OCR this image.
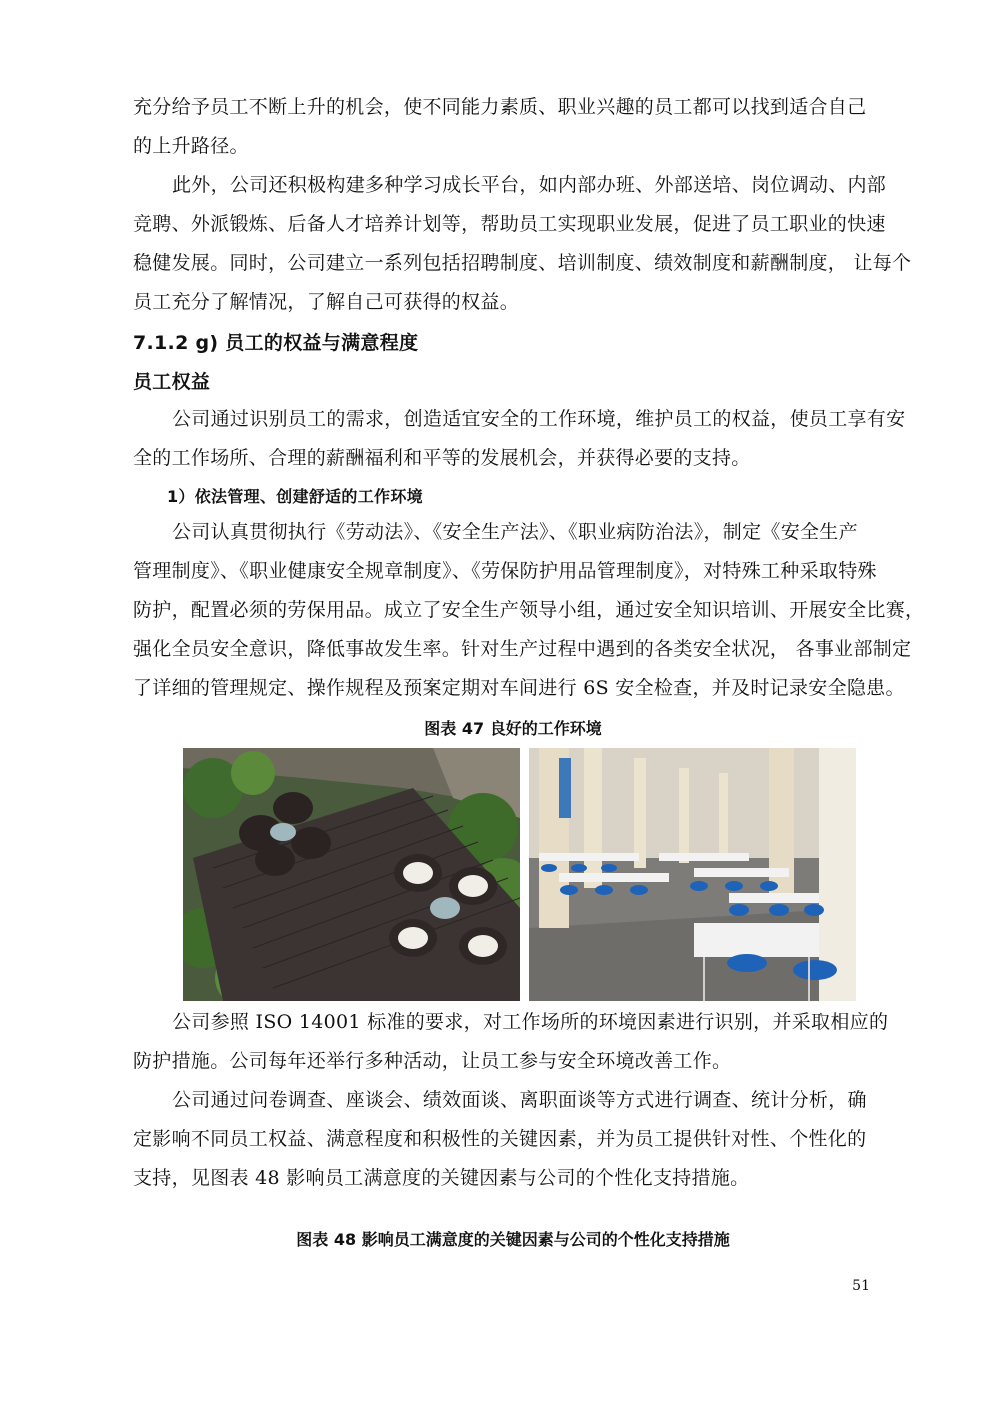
充分给予员工不断上升的机会，使不同能力素质、职业兴趣的员工都可以找到适合自己
的上升路径。
此外，公司还积极构建多种学习成长平台，如内部办班、外部送培、岗位调动、内部
竞聘、外派锻炼、后备人才培养计划等，帮助员工实现职业发展，促进了员工职业的快速
稳健发展。同时，公司建立一系列包括招聘制度、培训制度、绩效制度和薪酬制度， 让每个
员工充分了解情况，了解自己可获得的权益。
7.1.2 g) 员工的权益与满意程度
员工权益
公司通过识别员工的需求，创造适宜安全的工作环境，维护员工的权益，使员工享有安
全的工作场所、合理的薪酬福利和平等的发展机会，并获得必要的支持。
1）依法管理、创建舒适的工作环境
公司认真贯彻执行《劳动法》、《安全生产法》、《职业病防治法》，制定《安全生产
管理制度》、《职业健康安全规章制度》、《劳保防护用品管理制度》，对特殊工种采取特殊
防护，配置必须的劳保用品。成立了安全生产领导小组，通过安全知识培训、开展安全比赛，
强化全员安全意识，降低事故发生率。针对生产过程中遇到的各类安全状况， 各事业部制定
了详细的管理规定、操作规程及预案定期对车间进行 6S 安全检查，并及时记录安全隐患。
图表 47 良好的工作环境
公司参照 ISO 14001 标准的要求，对工作场所的环境因素进行识别，并采取相应的
防护措施。公司每年还举行多种活动，让员工参与安全环境改善工作。
公司通过问卷调查、座谈会、绩效面谈、离职面谈等方式进行调查、统计分析，确
定影响不同员工权益、满意程度和积极性的关键因素，并为员工提供针对性、个性化的
支持，见图表 48 影响员工满意度的关键因素与公司的个性化支持措施。
图表 48 影响员工满意度的关键因素与公司的个性化支持措施
51
